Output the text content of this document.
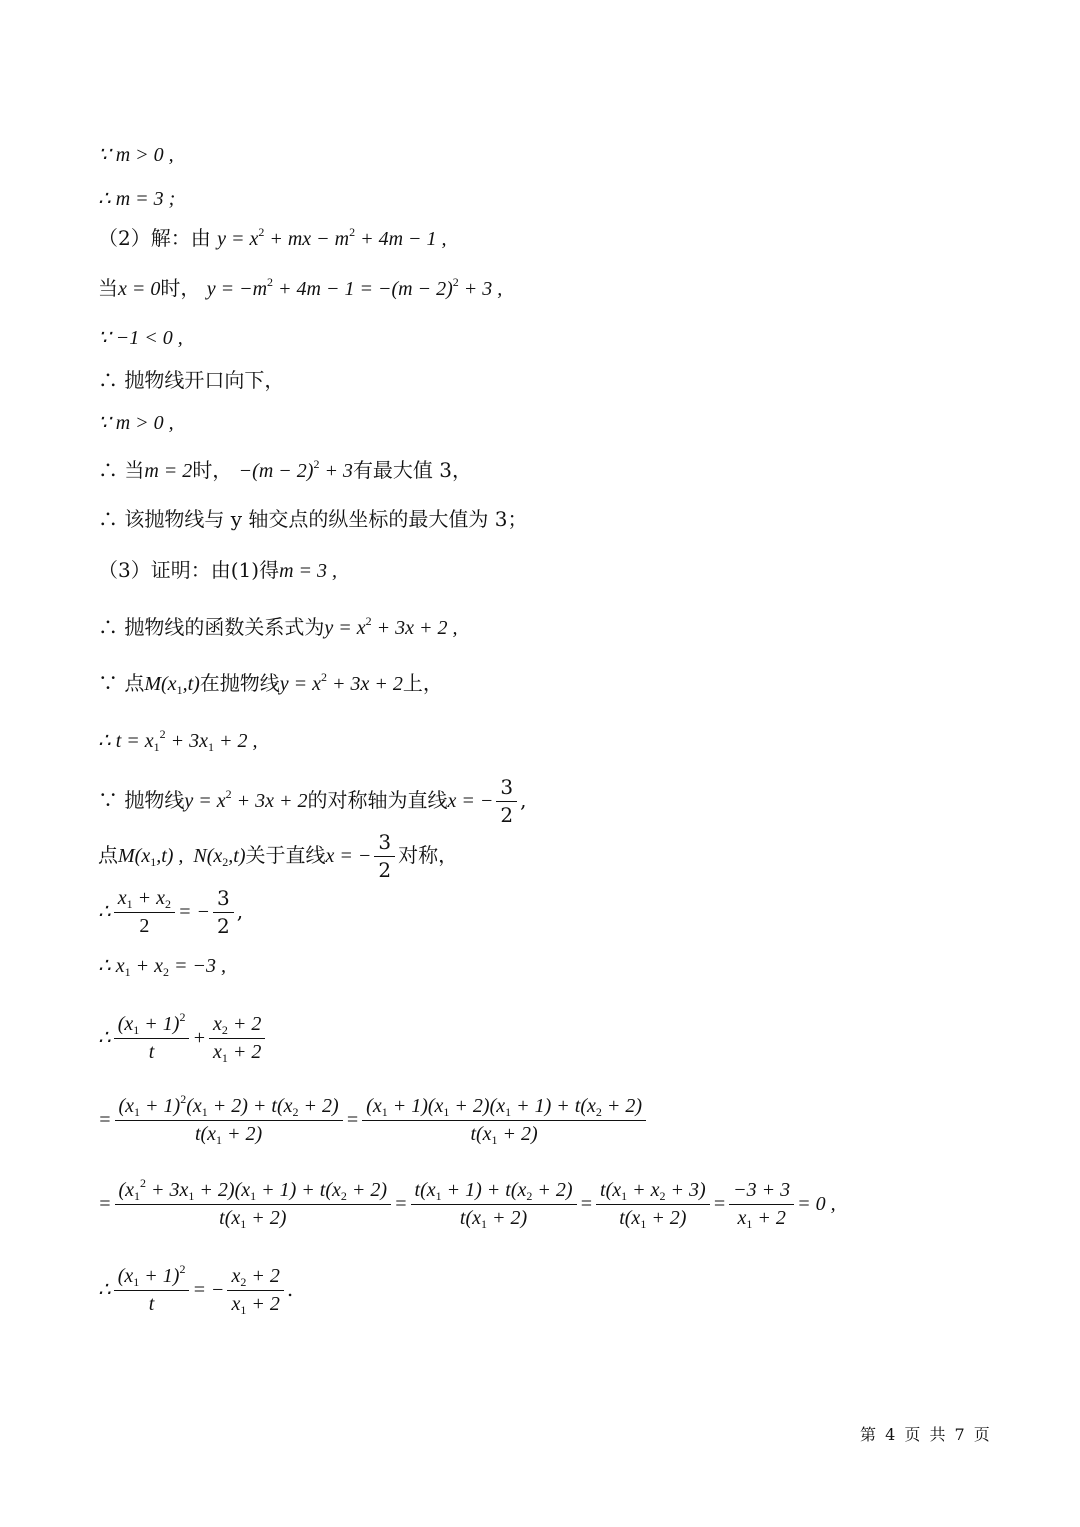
∵ m > 0 ,
∴ m = 3 ;
（2）解：由 $y = x^2$ + mx − $m^2 + 4m - 1$ ,
当x = 0时， $y = -m^2 + 4m - 1 = -(m - 2)^2 + 3$ ,
∵ −1 < 0 ,
∴ 抛物线开口向下，
∵ m > 0 ,
∴ 当m = 2时， $-(m - 2)^2 + 3$有最大值 3，
∴ 该抛物线与 y 轴交点的纵坐标的最大值为 3；
（3）证明：由(1)得m = 3 ,
∴ 抛物线的函数关系式为$y = x^2 + 3x + 2$ ,
∵ 点$M(x_1,t)$在抛物线$y = x^2 + 3x + 2$上，
∴ $t = x_1^2 + 3x_1 + 2$ ,
∵ 抛物线$y = x^2 + 3x + 2$的对称轴为直线x = − $\frac{3}{2}$ ,
点$M(x_1,t)$ ,  $N(x_2,t)$关于直线x = − $\frac{3}{2}$ 对称，
∴ $\frac{x_1 + x_2}{2}$ = − $\frac{3}{2}$ ,
∴ $x_1 + x_2 = -3$ ,
∴ $\frac{(x_1 + 1)^2}{t} + \frac{x_2 + 2}{x_1 + 2}$
= $\frac{(x_1 + 1)^2(x_1 + 2) + t(x_2 + 2)}{t(x_1 + 2)} = \frac{(x_1 + 1)(x_1 + 2)(x_1 + 1) + t(x_2 + 2)}{t(x_1 + 2)}$
= $\frac{(x_1^2 + 3x_1 + 2)(x_1 + 1) + t(x_2 + 2)}{t(x_1 + 2)} = \frac{t(x_1 + 1) + t(x_2 + 2)}{t(x_1 + 2)} = \frac{t(x_1 + x_2 + 3)}{t(x_1 + 2)} = \frac{-3 + 3}{x_1 + 2} = 0$ ,
∴ $\frac{(x_1 + 1)^2}{t}$ = − $\frac{x_2 + 2}{x_1 + 2}$ .
第 4 页 共 7 页
